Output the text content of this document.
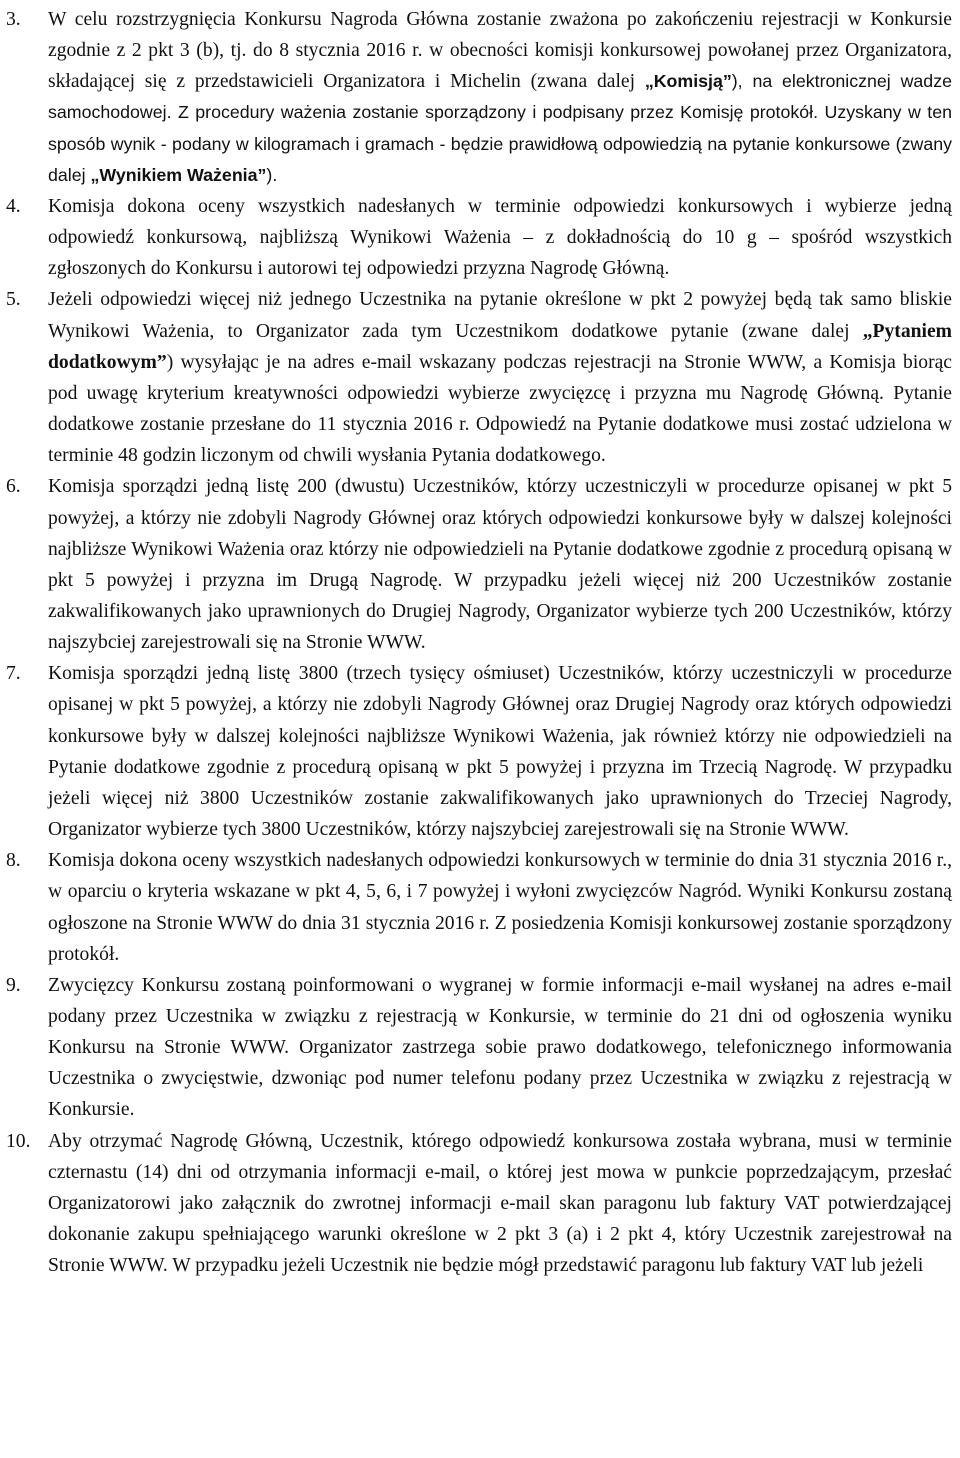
3. W celu rozstrzygnięcia Konkursu Nagroda Główna zostanie zważona po zakończeniu rejestracji w Konkursie zgodnie z 2 pkt 3 (b), tj. do 8 stycznia 2016 r. w obecności komisji konkursowej powołanej przez Organizatora, składającej się z przedstawicieli Organizatora i Michelin (zwana dalej „Komisją”), na elektronicznej wadze samochodowej. Z procedury ważenia zostanie sporządzony i podpisany przez Komisję protokół. Uzyskany w ten sposób wynik - podany w kilogramach i gramach - będzie prawidłową odpowiedzią na pytanie konkursowe (zwany dalej „Wynikiem Ważenia”).
4. Komisja dokona oceny wszystkich nadesłanych w terminie odpowiedzi konkursowych i wybierze jedną odpowiedź konkursową, najbliższą Wynikowi Ważenia – z dokładnością do 10 g – spośród wszystkich zgłoszonych do Konkursu i autorowi tej odpowiedzi przyzna Nagrodę Główną.
5. Jeżeli odpowiedzi więcej niż jednego Uczestnika na pytanie określone w pkt 2 powyżej będą tak samo bliskie Wynikowi Ważenia, to Organizator zada tym Uczestnikom dodatkowe pytanie (zwane dalej „Pytaniem dodatkowym”) wysyłając je na adres e-mail wskazany podczas rejestracji na Stronie WWW, a Komisja biorąc pod uwagę kryterium kreatywności odpowiedzi wybierze zwycięzcę i przyzna mu Nagrodę Główną. Pytanie dodatkowe zostanie przesłane do 11 stycznia 2016 r. Odpowiedź na Pytanie dodatkowe musi zostać udzielona w terminie 48 godzin liczonym od chwili wysłania Pytania dodatkowego.
6. Komisja sporządzi jedną listę 200 (dwustu) Uczestników, którzy uczestniczyli w procedurze opisanej w pkt 5 powyżej, a którzy nie zdobyli Nagrody Głównej oraz których odpowiedzi konkursowe były w dalszej kolejności najbliższe Wynikowi Ważenia oraz którzy nie odpowiedzieli na Pytanie dodatkowe zgodnie z procedurą opisaną w pkt 5 powyżej i przyzna im Drugą Nagrodę. W przypadku jeżeli więcej niż 200 Uczestników zostanie zakwalifikowanych jako uprawnionych do Drugiej Nagrody, Organizator wybierze tych 200 Uczestników, którzy najszybciej zarejestrowali się na Stronie WWW.
7. Komisja sporządzi jedną listę 3800 (trzech tysięcy ośmiuset) Uczestników, którzy uczestniczyli w procedurze opisanej w pkt 5 powyżej, a którzy nie zdobyli Nagrody Głównej oraz Drugiej Nagrody oraz których odpowiedzi konkursowe były w dalszej kolejności najbliższe Wynikowi Ważenia, jak również którzy nie odpowiedzieli na Pytanie dodatkowe zgodnie z procedurą opisaną w pkt 5 powyżej i przyzna im Trzecią Nagrodę. W przypadku jeżeli więcej niż 3800 Uczestników zostanie zakwalifikowanych jako uprawnionych do Trzeciej Nagrody, Organizator wybierze tych 3800 Uczestników, którzy najszybciej zarejestrowali się na Stronie WWW.
8. Komisja dokona oceny wszystkich nadesłanych odpowiedzi konkursowych w terminie do dnia 31 stycznia 2016 r., w oparciu o kryteria wskazane w pkt 4, 5, 6, i 7 powyżej i wyłoni zwycięzców Nagród. Wyniki Konkursu zostaną ogłoszone na Stronie WWW do dnia 31 stycznia 2016 r. Z posiedzenia Komisji konkursowej zostanie sporządzony protokół.
9. Zwycięzcy Konkursu zostaną poinformowani o wygranej w formie informacji e-mail wysłanej na adres e-mail podany przez Uczestnika w związku z rejestracją w Konkursie, w terminie do 21 dni od ogłoszenia wyniku Konkursu na Stronie WWW. Organizator zastrzega sobie prawo dodatkowego, telefonicznego informowania Uczestnika o zwycięstwie, dzwoniąc pod numer telefonu podany przez Uczestnika w związku z rejestracją w Konkursie.
10. Aby otrzymać Nagrodę Główną, Uczestnik, którego odpowiedź konkursowa została wybrana, musi w terminie czternastu (14) dni od otrzymania informacji e-mail, o której jest mowa w punkcie poprzedzającym, przesłać Organizatorowi jako załącznik do zwrotnej informacji e-mail skan paragonu lub faktury VAT potwierdzającej dokonanie zakupu spełniającego warunki określone w 2 pkt 3 (a) i 2 pkt 4, który Uczestnik zarejestrował na Stronie WWW. W przypadku jeżeli Uczestnik nie będzie mógł przedstawić paragonu lub faktury VAT lub jeżeli
